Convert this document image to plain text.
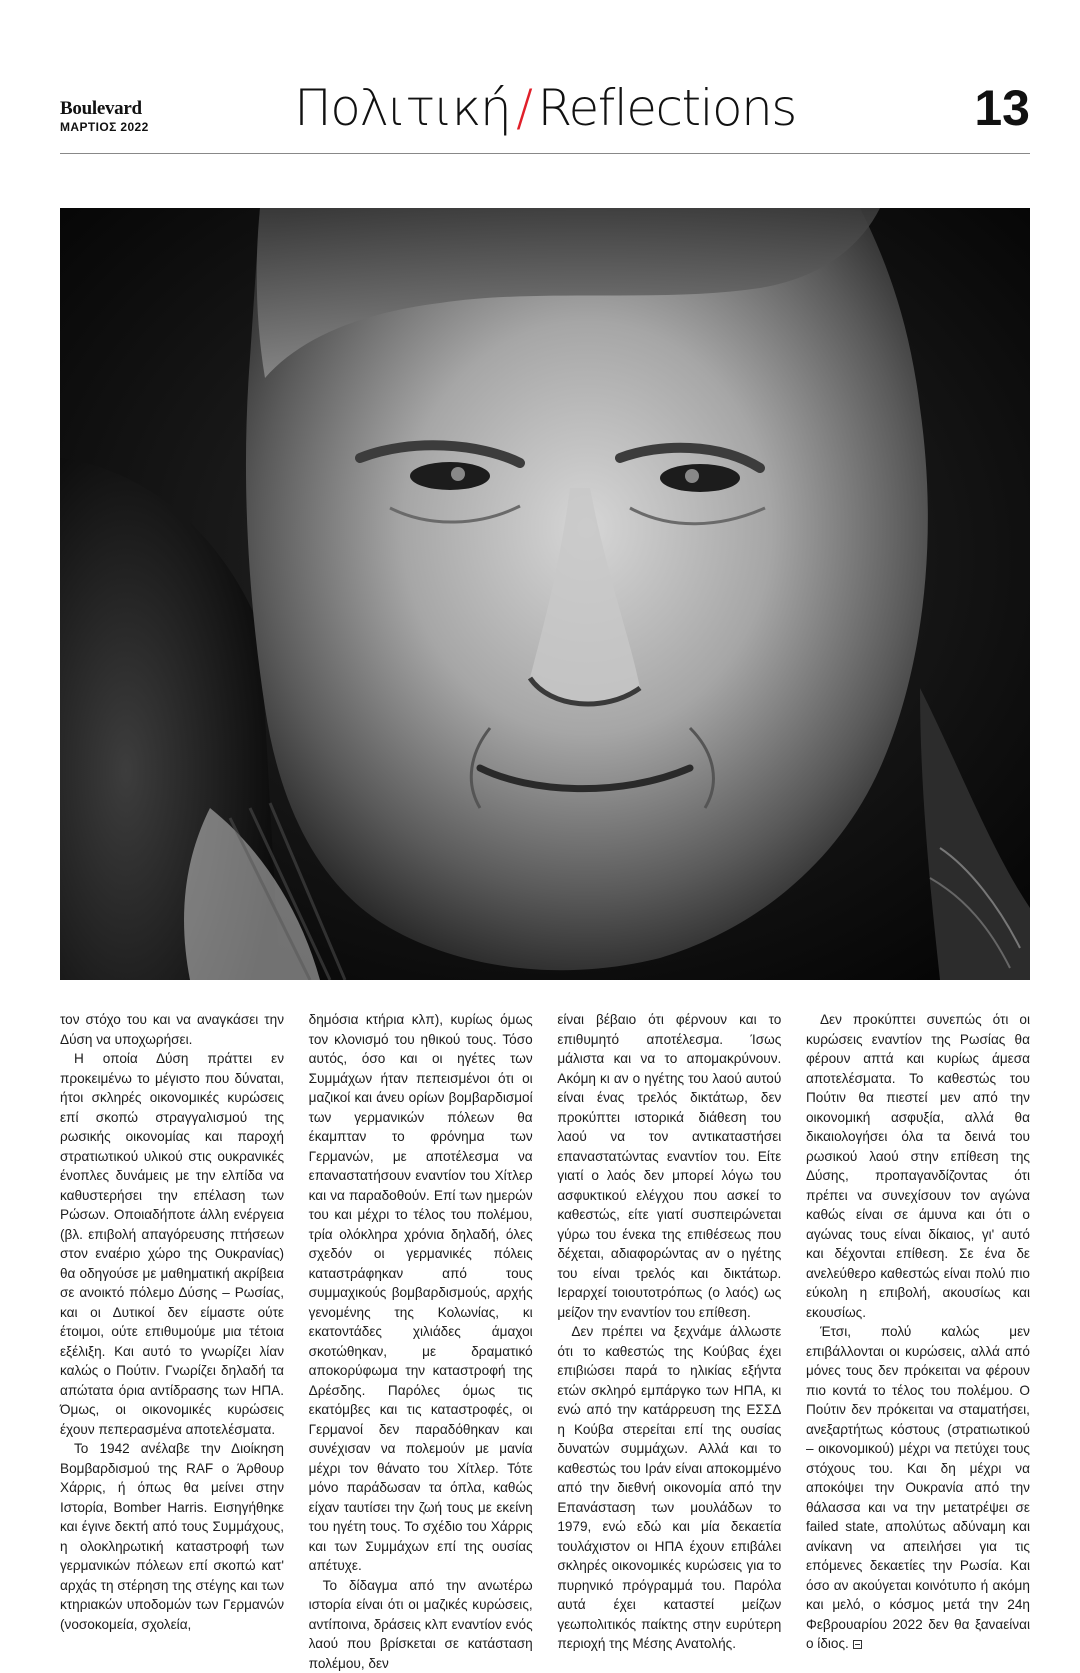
Boulevard
ΜΑΡΤΙΟΣ 2022	Πολιτική / Reflections	13

τον στόχο του και να αναγκάσει την Δύση να υποχωρήσει.

Η οποία Δύση πράττει εν προκειμένω το μέγιστο που δύναται, ήτοι σκληρές οικονομικές κυρώσεις επί σκοπώ στραγγαλισμού της ρωσικής οικονομίας και παροχή στρατιωτικού υλικού στις ουκρανικές ένοπλες δυνάμεις με την ελπίδα να καθυστερήσει την επέλαση των Ρώσων. Οποιαδήποτε άλλη ενέργεια (βλ. επιβολή απαγόρευσης πτήσεων στον εναέριο χώρο της Ουκρανίας) θα οδηγούσε με μαθηματική ακρίβεια σε ανοικτό πόλεμο Δύσης – Ρωσίας, και οι Δυτικοί δεν είμαστε ούτε έτοιμοι, ούτε επιθυμούμε μια τέτοια εξέλιξη. Και αυτό το γνωρίζει λίαν καλώς ο Πούτιν. Γνωρίζει δηλαδή τα απώτατα όρια αντίδρασης των ΗΠΑ. Όμως, οι οικονομικές κυρώσεις έχουν πεπερασμένα αποτελέσματα.

Το 1942 ανέλαβε την Διοίκηση Βομβαρδισμού της RAF ο Άρθουρ Χάρρις, ή όπως θα μείνει στην Ιστορία, Bomber Harris. Εισηγήθηκε και έγινε δεκτή από τους Συμμάχους, η ολοκληρωτική καταστροφή των γερμανικών πόλεων επί σκοπώ κατ' αρχάς τη στέρηση της στέγης και των κτηριακών υποδομών των Γερμανών (νοσοκομεία, σχολεία,

δημόσια κτήρια κλπ), κυρίως όμως τον κλονισμό του ηθικού τους. Τόσο αυτός, όσο και οι ηγέτες των Συμμάχων ήταν πεπεισμένοι ότι οι μαζικοί και άνευ ορίων βομβαρδισμοί των γερμανικών πόλεων θα έκαμπταν το φρόνημα των Γερμανών, με αποτέλεσμα να επαναστατήσουν εναντίον του Χίτλερ και να παραδοθούν. Επί των ημερών του και μέχρι το τέλος του πολέμου, τρία ολόκληρα χρόνια δηλαδή, όλες σχεδόν οι γερμανικές πόλεις καταστράφηκαν από τους συμμαχικούς βομβαρδισμούς, αρχής γενομένης της Κολωνίας, κι εκατοντάδες χιλιάδες άμαχοι σκοτώθηκαν, με δραματικό αποκορύφωμα την καταστροφή της Δρέσδης. Παρόλες όμως τις εκατόμβες και τις καταστροφές, οι Γερμανοί δεν παραδόθηκαν και συνέχισαν να πολεμούν με μανία μέχρι τον θάνατο του Χίτλερ. Τότε μόνο παράδωσαν τα όπλα, καθώς είχαν ταυτίσει την ζωή τους με εκείνη του ηγέτη τους. Το σχέδιο του Χάρρις και των Συμμάχων επί της ουσίας απέτυχε.

Το δίδαγμα από την ανωτέρω ιστορία είναι ότι οι μαζικές κυρώσεις, αντίποινα, δράσεις κλπ εναντίον ενός λαού που βρίσκεται σε κατάσταση πολέμου, δεν

είναι βέβαιο ότι φέρνουν και το επιθυμητό αποτέλεσμα. Ίσως μάλιστα και να το απομακρύνουν. Ακόμη κι αν ο ηγέτης του λαού αυτού είναι ένας τρελός δικτάτωρ, δεν προκύπτει ιστορικά διάθεση του λαού να τον αντικαταστήσει επαναστατώντας εναντίον του. Είτε γιατί ο λαός δεν μπορεί λόγω του ασφυκτικού ελέγχου που ασκεί το καθεστώς, είτε γιατί συσπειρώνεται γύρω του ένεκα της επιθέσεως που δέχεται, αδιαφορώντας αν ο ηγέτης του είναι τρελός και δικτάτωρ. Ιεραρχεί τοιουτοτρόπως (ο λαός) ως μείζον την εναντίον του επίθεση.

Δεν πρέπει να ξεχνάμε άλλωστε ότι το καθεστώς της Κούβας έχει επιβιώσει παρά το ηλικίας εξήντα ετών σκληρό εμπάργκο των ΗΠΑ, κι ενώ από την κατάρρευση της ΕΣΣΔ η Κούβα στερείται επί της ουσίας δυνατών συμμάχων. Αλλά και το καθεστώς του Ιράν είναι αποκομμένο από την διεθνή οικονομία από την Επανάσταση των μουλάδων το 1979, ενώ εδώ και μία δεκαετία τουλάχιστον οι ΗΠΑ έχουν επιβάλει σκληρές οικονομικές κυρώσεις για το πυρηνικό πρόγραμμά του. Παρόλα αυτά έχει καταστεί μείζων γεωπολιτικός παίκτης στην ευρύτερη περιοχή της Μέσης Ανατολής.

Δεν προκύπτει συνεπώς ότι οι κυρώσεις εναντίον της Ρωσίας θα φέρουν απτά και κυρίως άμεσα αποτελέσματα. Το καθεστώς του Πούτιν θα πιεστεί μεν από την οικονομική ασφυξία, αλλά θα δικαιολογήσει όλα τα δεινά του ρωσικού λαού στην επίθεση της Δύσης, προπαγανδίζοντας ότι πρέπει να συνεχίσουν τον αγώνα καθώς είναι σε άμυνα και ότι ο αγώνας τους είναι δίκαιος, γι' αυτό και δέχονται επίθεση. Σε ένα δε ανελεύθερο καθεστώς είναι πολύ πιο εύκολη η επιβολή, ακουσίως και εκουσίως.

Έτσι, πολύ καλώς μεν επιβάλλονται οι κυρώσεις, αλλά από μόνες τους δεν πρόκειται να φέρουν πιο κοντά το τέλος του πολέμου. Ο Πούτιν δεν πρόκειται να σταματήσει, ανεξαρτήτως κόστους (στρατιωτικού – οικονομικού) μέχρι να πετύχει τους στόχους του. Και δη μέχρι να αποκόψει την Ουκρανία από την θάλασσα και να την μετατρέψει σε failed state, απολύτως αδύναμη και ανίκανη να απειλήσει για τις επόμενες δεκαετίες την Ρωσία. Και όσο αν ακούγεται κοινότυπο ή ακόμη και μελό, ο κόσμος μετά την 24η Φεβρουαρίου 2022 δεν θα ξαναείναι ο ίδιος.
